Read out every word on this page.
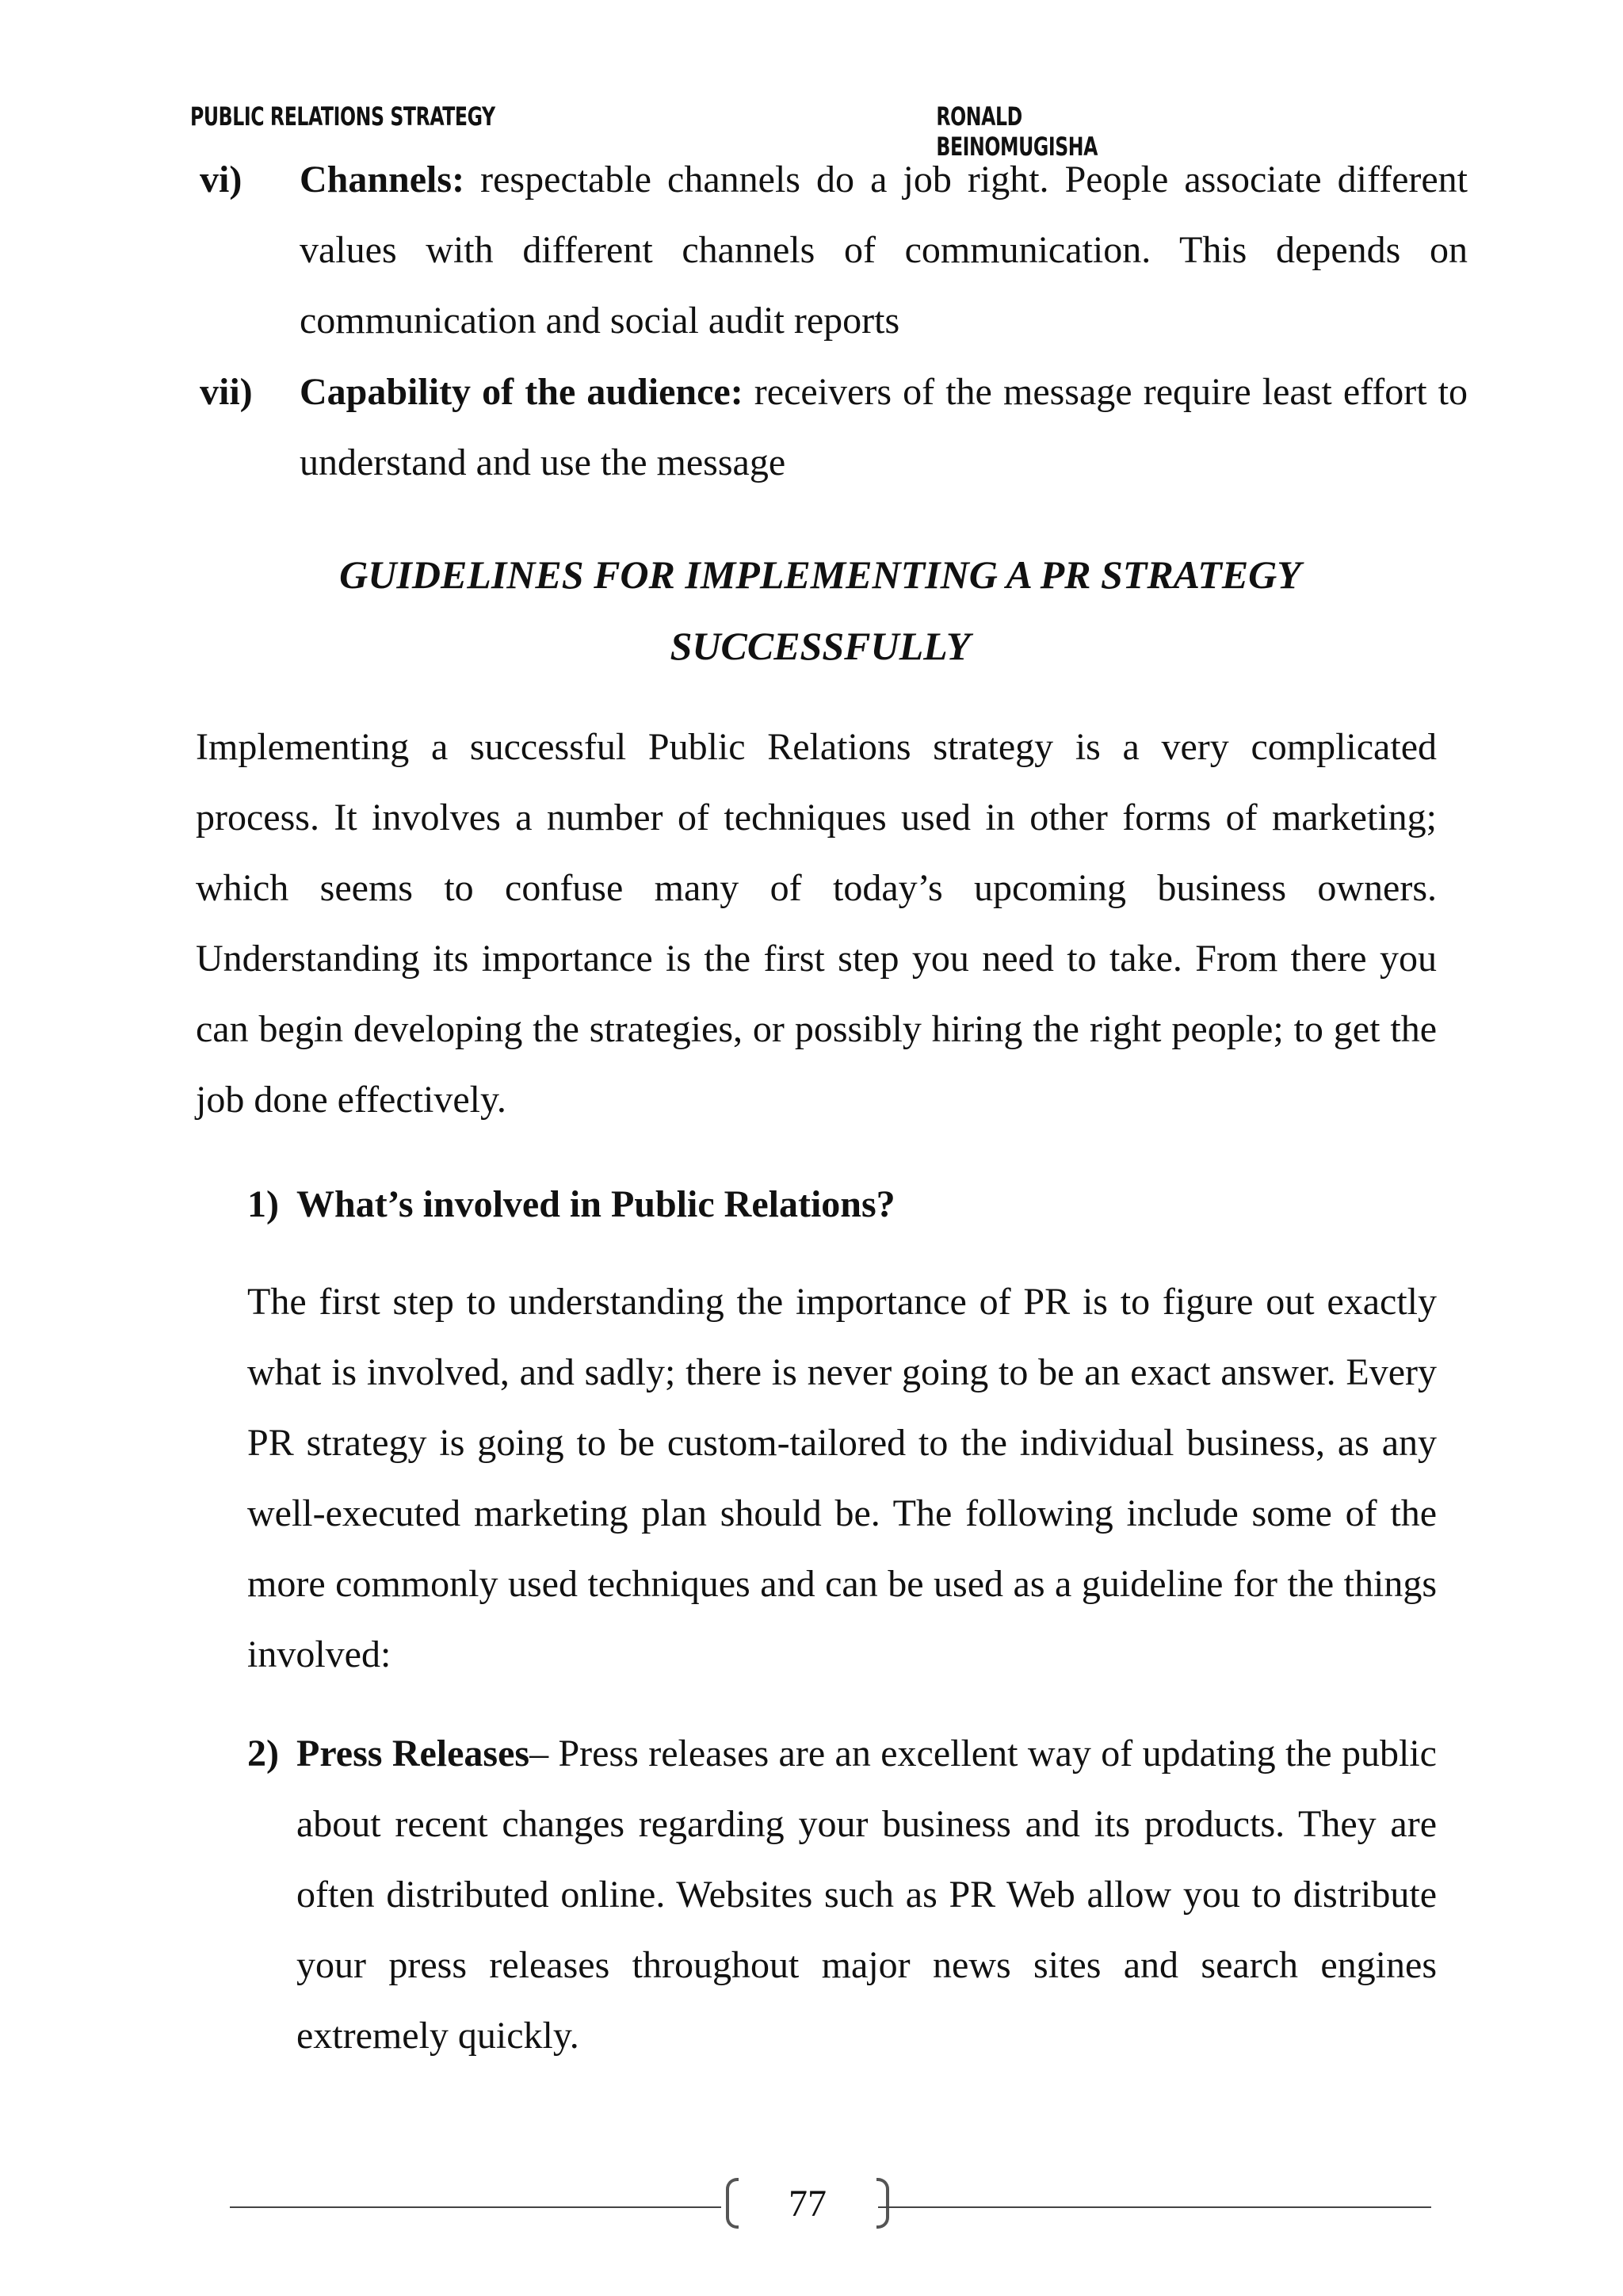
PUBLIC RELATIONS STRATEGY	RONALD BEINOMUGISHA
vi) Channels: respectable channels do a job right. People associate different values with different channels of communication. This depends on communication and social audit reports
vii) Capability of the audience: receivers of the message require least effort to understand and use the message
GUIDELINES FOR IMPLEMENTING A PR STRATEGY
SUCCESSFULLY
Implementing a successful Public Relations strategy is a very complicated process. It involves a number of techniques used in other forms of marketing; which seems to confuse many of today’s upcoming business owners. Understanding its importance is the first step you need to take. From there you can begin developing the strategies, or possibly hiring the right people; to get the job done effectively.
1) What’s involved in Public Relations?
The first step to understanding the importance of PR is to figure out exactly what is involved, and sadly; there is never going to be an exact answer. Every PR strategy is going to be custom-tailored to the individual business, as any well-executed marketing plan should be. The following include some of the more commonly used techniques and can be used as a guideline for the things involved:
2) Press Releases– Press releases are an excellent way of updating the public about recent changes regarding your business and its products. They are often distributed online. Websites such as PR Web allow you to distribute your press releases throughout major news sites and search engines extremely quickly.
77
